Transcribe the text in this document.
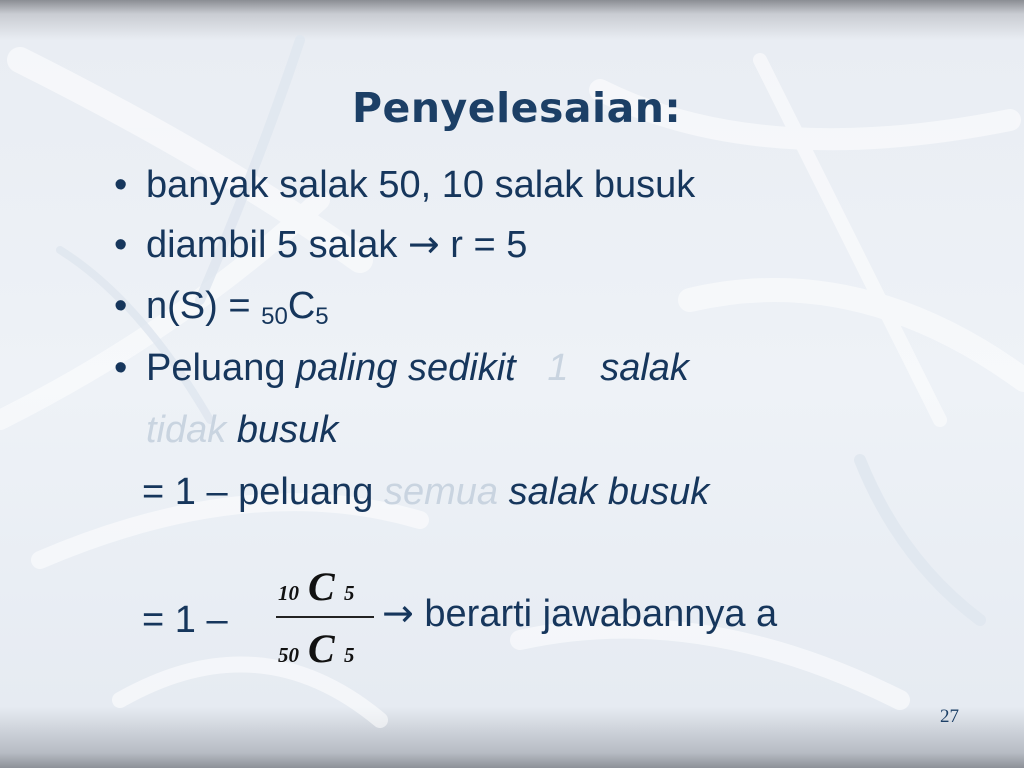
Penyelesaian:
• banyak salak 50, 10 salak busuk
• diambil 5 salak → r = 5
• $n(S) = _{50}C_5$
• Peluang paling sedikit 1 salak
tidak busuk
= 1 – peluang semua salak busuk
= 1 –
10 C 5
50 C 5
→ berarti jawabannya a
27
